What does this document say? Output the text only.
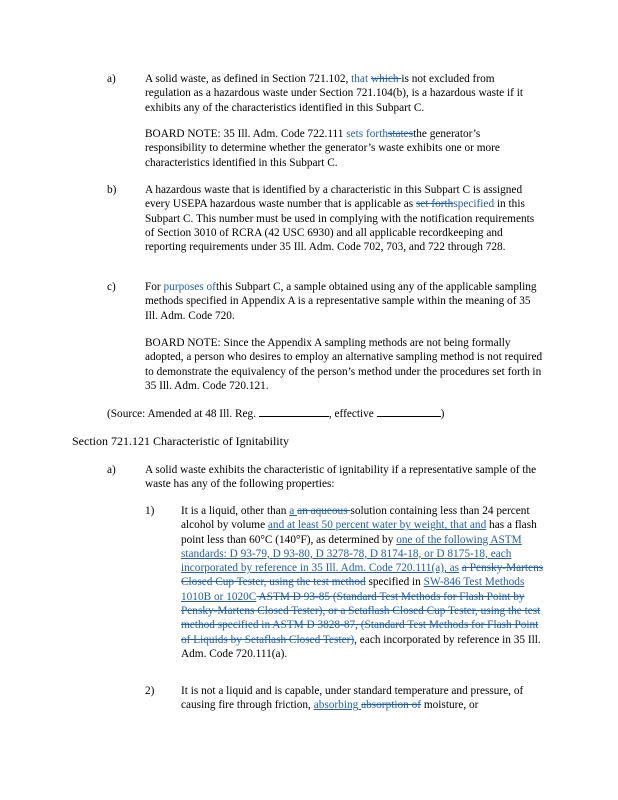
a)	A solid waste, as defined in Section 721.102, that which is not excluded from regulation as a hazardous waste under Section 721.104(b), is a hazardous waste if it exhibits any of the characteristics identified in this Subpart C.
BOARD NOTE: 35 Ill. Adm. Code 722.111 sets forthstatesthe generator’s responsibility to determine whether the generator’s waste exhibits one or more characteristics identified in this Subpart C.
b)	A hazardous waste that is identified by a characteristic in this Subpart C is assigned every USEPA hazardous waste number that is applicable as set forthspecified in this Subpart C. This number must be used in complying with the notification requirements of Section 3010 of RCRA (42 USC 6930) and all applicable recordkeeping and reporting requirements under 35 Ill. Adm. Code 702, 703, and 722 through 728.
c)	For purposes ofthis Subpart C, a sample obtained using any of the applicable sampling methods specified in Appendix A is a representative sample within the meaning of 35 Ill. Adm. Code 720.
BOARD NOTE: Since the Appendix A sampling methods are not being formally adopted, a person who desires to employ an alternative sampling method is not required to demonstrate the equivalency of the person’s method under the procedures set forth in 35 Ill. Adm. Code 720.121.
(Source: Amended at 48 Ill. Reg.	, effective	)
Section 721.121 Characteristic of Ignitability
a)	A solid waste exhibits the characteristic of ignitability if a representative sample of the waste has any of the following properties:
1) It is a liquid, other than a an aqueous solution containing less than 24 percent alcohol by volume and at least 50 percent water by weight, that and has a flash point less than 60°C (140°F), as determined by one of the following ASTM standards: D 93-79, D 93-80, D 3278-78, D 8174-18, or D 8175-18, each incorporated by reference in 35 Ill. Adm. Code 720.111(a), as a Pensky-Martens Closed Cup Tester, using the test method specified in SW-846 Test Methods 1010B or 1020C ASTM D 93-85 (Standard Test Methods for Flash Point by Pensky-Martens Closed Tester), or a Setaflash Closed Cup Tester, using the test method specified in ASTM D 3828-87, (Standard Test Methods for Flash Point of Liquids by Setaflash Closed Tester), each incorporated by reference in 35 Ill. Adm. Code 720.111(a).
2) It is not a liquid and is capable, under standard temperature and pressure, of causing fire through friction, absorbing absorption of moisture, or
